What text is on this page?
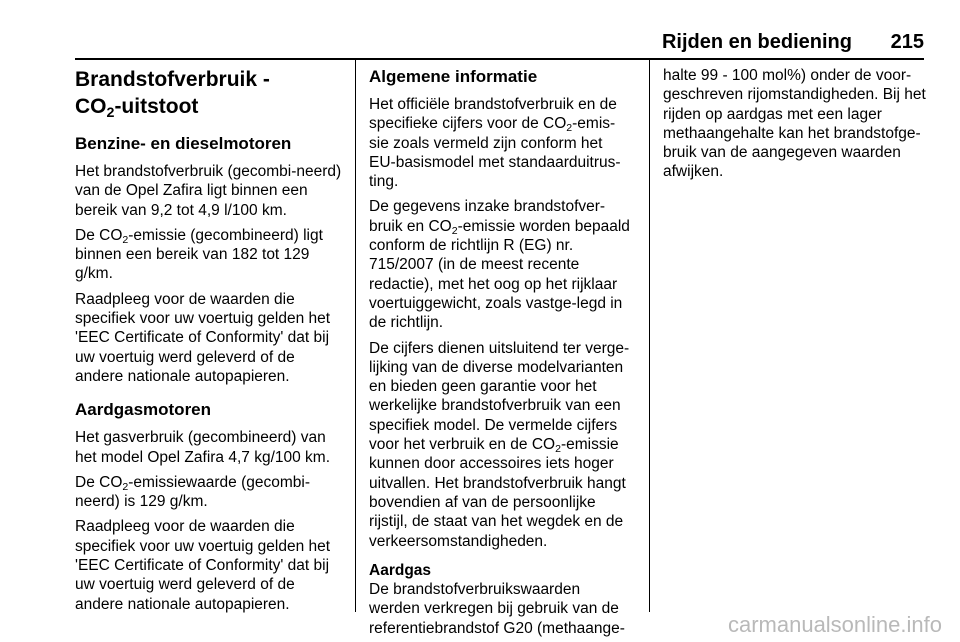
Rijden en bediening 215
Brandstofverbruik -
CO2-uitstoot
Benzine- en dieselmotoren

Het brandstofverbruik (gecombi-neerd) van de Opel Zafira ligt binnen een bereik van 9,2 tot 4,9 l/100 km.

De CO2-emissie (gecombineerd) ligt binnen een bereik van 182 tot 129 g/km.

Raadpleeg voor de waarden die specifiek voor uw voertuig gelden het 'EEC Certificate of Conformity' dat bij uw voertuig werd geleverd of de andere nationale autopapieren.

Aardgasmotoren

Het gasverbruik (gecombineerd) van het model Opel Zafira 4,7 kg/100 km.

De CO2-emissiewaarde (gecombi-neerd) is 129 g/km.

Raadpleeg voor de waarden die specifiek voor uw voertuig gelden het 'EEC Certificate of Conformity' dat bij uw voertuig werd geleverd of de andere nationale autopapieren.

Algemene informatie

Het officiële brandstofverbruik en de specifieke cijfers voor de CO2-emis-sie zoals vermeld zijn conform het EU-basismodel met standaarduitrus-ting.

De gegevens inzake brandstofver-bruik en CO2-emissie worden bepaald conform de richtlijn R (EG) nr. 715/2007 (in de meest recente redactie), met het oog op het rijklaar voertuiggewicht, zoals vastge-legd in de richtlijn.

De cijfers dienen uitsluitend ter verge-lijking van de diverse modelvarianten en bieden geen garantie voor het werkelijke brandstofverbruik van een specifiek model. De vermelde cijfers voor het verbruik en de CO2-emissie kunnen door accessoires iets hoger uitvallen. Het brandstofverbruik hangt bovendien af van de persoonlijke rijstijl, de staat van het wegdek en de verkeersomstandigheden.

Aardgas

De brandstofverbruikswaarden werden verkregen bij gebruik van de referentiebrandstof G20 (methaange-

halte 99 - 100 mol%) onder de voor-geschreven rijomstandigheden. Bij het rijden op aardgas met een lager methaangehalte kan het brandstofge-bruik van de aangegeven waarden afwijken.

carmanualsonline.info
